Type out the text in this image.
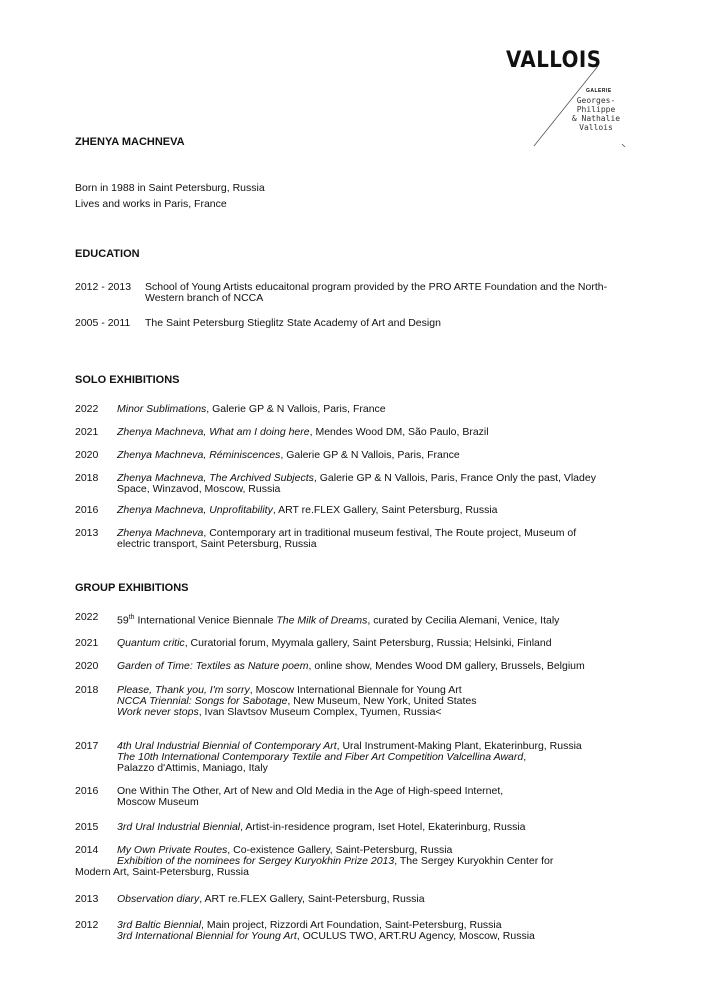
VALLOIS
GALERIE
Georges-Philippe
& Nathalie
Vallois
ZHENYA MACHNEVA
Born in 1988 in Saint Petersburg, Russia
Lives and works in Paris, France
EDUCATION
2012 - 2013 School of Young Artists educaitonal program provided by the PRO ARTE Foundation and the North-Western branch of NCCA
2005 - 2011 The Saint Petersburg Stieglitz State Academy of Art and Design
SOLO EXHIBITIONS
2022 Minor Sublimations, Galerie GP & N Vallois, Paris, France
2021 Zhenya Machneva, What am I doing here, Mendes Wood DM, São Paulo, Brazil
2020 Zhenya Machneva, Réminiscences, Galerie GP & N Vallois, Paris, France
2018 Zhenya Machneva, The Archived Subjects, Galerie GP & N Vallois, Paris, France Only the past, Vladey Space, Winzavod, Moscow, Russia
2016 Zhenya Machneva, Unprofitability, ART re.FLEX Gallery, Saint Petersburg, Russia
2013 Zhenya Machneva, Contemporary art in traditional museum festival, The Route project, Museum of electric transport, Saint Petersburg, Russia
GROUP EXHIBITIONS
2022 59th International Venice Biennale The Milk of Dreams, curated by Cecilia Alemani, Venice, Italy
2021 Quantum critic, Curatorial forum, Myymala gallery, Saint Petersburg, Russia; Helsinki, Finland
2020 Garden of Time: Textiles as Nature poem, online show, Mendes Wood DM gallery, Brussels, Belgium
2018 Please, Thank you, I'm sorry, Moscow International Biennale for Young Art
NCCA Triennial: Songs for Sabotage, New Museum, New York, United States
Work never stops, Ivan Slavtsov Museum Complex, Tyumen, Russia<
2017 4th Ural Industrial Biennial of Contemporary Art, Ural Instrument-Making Plant, Ekaterinburg, Russia
The 10th International Contemporary Textile and Fiber Art Competition Valcellina Award,
Palazzo d'Attimis, Maniago, Italy
2016 One Within The Other, Art of New and Old Media in the Age of High-speed Internet,
Moscow Museum
2015 3rd Ural Industrial Biennial, Artist-in-residence program, Iset Hotel, Ekaterinburg, Russia
2014 My Own Private Routes, Co-existence Gallery, Saint-Petersburg, Russia
Exhibition of the nominees for Sergey Kuryokhin Prize 2013, The Sergey Kuryokhin Center for
Modern Art, Saint-Petersburg, Russia
2013 Observation diary, ART re.FLEX Gallery, Saint-Petersburg, Russia
2012 3rd Baltic Biennial, Main project, Rizzordi Art Foundation, Saint-Petersburg, Russia
3rd International Biennial for Young Art, OCULUS TWO, ART.RU Agency, Moscow, Russia
